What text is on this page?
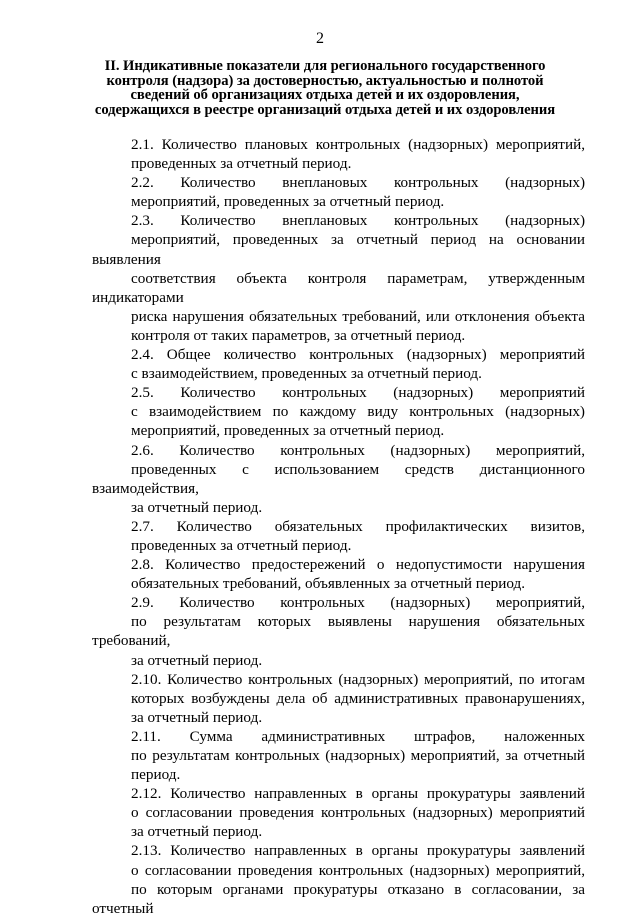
2
II. Индикативные показатели для регионального государственного
контроля (надзора) за достоверностью, актуальностью и полнотой
сведений об организациях отдыха детей и их оздоровления,
содержащихся в реестре организаций отдыха детей и их оздоровления

2.1. Количество плановых контрольных (надзорных) мероприятий,
проведенных за отчетный период.

2.2. Количество внеплановых контрольных (надзорных)
мероприятий, проведенных за отчетный период.

2.3. Количество внеплановых контрольных (надзорных)
мероприятий, проведенных за отчетный период на основании выявления
соответствия объекта контроля параметрам, утвержденным индикаторами
риска нарушения обязательных требований, или отклонения объекта
контроля от таких параметров, за отчетный период.

2.4. Общее количество контрольных (надзорных) мероприятий
с взаимодействием, проведенных за отчетный период.

2.5. Количество контрольных (надзорных) мероприятий
с взаимодействием по каждому виду контрольных (надзорных)
мероприятий, проведенных за отчетный период.

2.6. Количество контрольных (надзорных) мероприятий,
проведенных с использованием средств дистанционного взаимодействия,
за отчетный период.

2.7. Количество обязательных профилактических визитов,
проведенных за отчетный период.

2.8. Количество предостережений о недопустимости нарушения
обязательных требований, объявленных за отчетный период.

2.9. Количество контрольных (надзорных) мероприятий,
по результатам которых выявлены нарушения обязательных требований,
за отчетный период.

2.10. Количество контрольных (надзорных) мероприятий, по итогам
которых возбуждены дела об административных правонарушениях,
за отчетный период.

2.11. Сумма административных штрафов, наложенных
по результатам контрольных (надзорных) мероприятий, за отчетный
период.

2.12. Количество направленных в органы прокуратуры заявлений
о согласовании проведения контрольных (надзорных) мероприятий
за отчетный период.

2.13. Количество направленных в органы прокуратуры заявлений
о согласовании проведения контрольных (надзорных) мероприятий,
по которым органами прокуратуры отказано в согласовании, за отчетный
